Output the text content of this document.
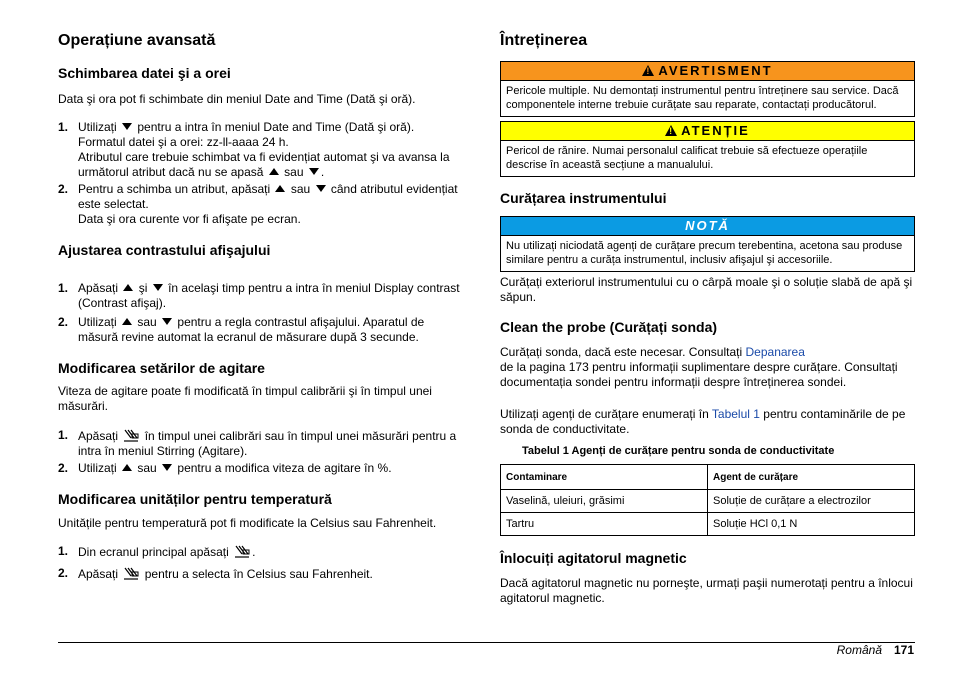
Operațiune avansată
Schimbarea datei şi a orei

Data şi ora pot fi schimbate din meniul Date and Time (Dată şi oră).

1. Utilizați pentru a intra în meniul Date and Time (Dată şi oră).
Formatul datei şi a orei: zz-ll-aaaa 24 h.
Atributul care trebuie schimbat va fi evidențiat automat şi va avansa la următorul atribut dacă nu se apasă sau .
2. Pentru a schimba un atribut, apăsați sau când atributul evidențiat este selectat.
Data şi ora curente vor fi afişate pe ecran.
Ajustarea contrastului afişajului
1. Apăsați şi în acelaşi timp pentru a intra în meniul Display contrast (Contrast afişaj).
2. Utilizați sau pentru a regla contrastul afişajului. Aparatul de măsură revine automat la ecranul de măsurare după 3 secunde.
Modificarea setărilor de agitare

Viteza de agitare poate fi modificată în timpul calibrării şi în timpul unei măsurări.

1. Apăsați în timpul unei calibrări sau în timpul unei măsurări pentru a intra în meniul Stirring (Agitare).
2. Utilizați sau pentru a modifica viteza de agitare în %.
Modificarea unităților pentru temperatură

Unitățile pentru temperatură pot fi modificate la Celsius sau Fahrenheit.

1. Din ecranul principal apăsați .
2. Apăsați pentru a selecta în Celsius sau Fahrenheit.
Întreținerea
!AVERTISMENT
Pericole multiple. Nu demontați instrumentul pentru întreținere sau service. Dacă componentele interne trebuie curățate sau reparate, contactați producătorul.
!ATENȚIE
Pericol de rănire. Numai personalul calificat trebuie să efectueze operațiile descrise în această secțiune a manualului.
Curățarea instrumentului
NOTĂ
Nu utilizați niciodată agenți de curățare precum terebentina, acetona sau produse similare pentru a curăța instrumentul, inclusiv afişajul şi accesoriile.

Curățați exteriorul instrumentului cu o cârpă moale şi o soluție slabă de apă şi săpun.

Clean the probe (Curățați sonda)

Curățați sonda, dacă este necesar. Consultați Depanarea
de la pagina 173 pentru informații suplimentare despre curățare. Consultați documentația sondei pentru informații despre întreținerea sondei.

Utilizați agenți de curățare enumerați în Tabelul 1 pentru contaminările de pe sonda de conductivitate.

Tabelul 1 Agenți de curățare pentru sonda de conductivitate
Contaminare	Agent de curățare
Vaselină, uleiuri, grăsimi	Soluție de curățare a electrozilor
Tartru	Soluție HCl 0,1 N
Înlocuiți agitatorul magnetic

Dacă agitatorul magnetic nu porneşte, urmați paşii numerotați pentru a înlocui agitatorul magnetic.

Română 171
